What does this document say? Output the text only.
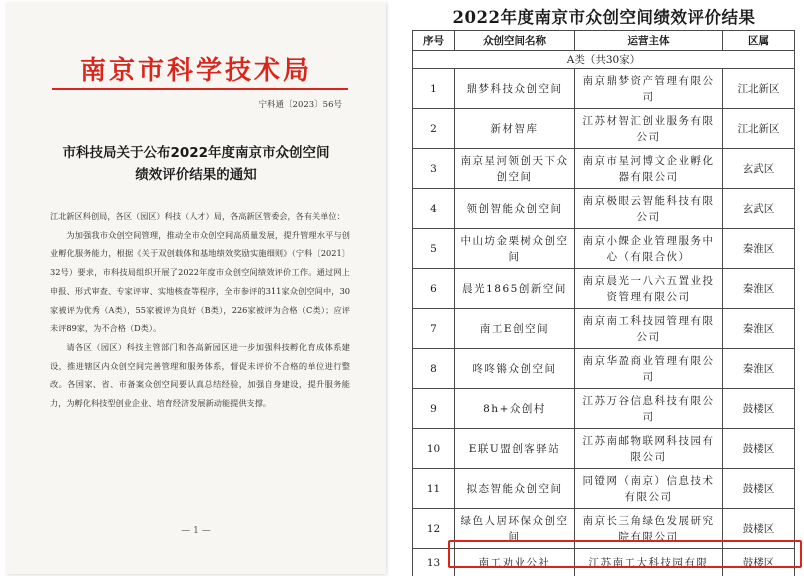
南京市科学技术局
宁科通〔2023〕56号
市科技局关于公布2022年度南京市众创空间
绩效评价结果的通知

江北新区科创局，各区（园区）科技（人才）局，各高新区管委会，各有关单位：

为加强我市众创空间管理，推动全市众创空间高质量发展，提升管理水平与创业孵化服务能力，根据《关于双创载体和基地绩效奖励实施细则》（宁科〔2021〕32号）要求，市科技局组织开展了2022年度市众创空间绩效评价工作。通过网上申报、形式审查、专家评审、实地核查等程序，全市参评的311家众创空间中，30家被评为优秀（A类），55家被评为良好（B类），226家被评为合格（C类）；应评未评89家，为不合格（D类）。

请各区（园区）科技主管部门和各高新园区进一步加强科技孵化育成体系建设，推进辖区内众创空间完善管理和服务体系，督促未评价不合格的单位进行整改。各国家、省、市备案众创空间要认真总结经验，加强自身建设，提升服务能力，为孵化科技型创业企业、培育经济发展新动能提供支撑。

— 1 —
2022年度南京市众创空间绩效评价结果
序号	众创空间名称	运营主体	区属
A类（共30家）			
1	鼎梦科技众创空间	南京鼎梦资产管理有限公司	江北新区
2	新材智库	江苏材智汇创业服务有限公司	江北新区
3	南京星河领创天下众创空间	南京市星河博文企业孵化器有限公司	玄武区
4	领创智能众创空间	南京极眼云智能科技有限公司	玄武区
5	中山坊金栗树众创空间	南京小餜企业管理服务中心（有限合伙）	秦淮区
6	晨光1865创新空间	南京晨光一八六五置业投资管理有限公司	秦淮区
7	南工E创空间	南京南工科技园管理有限公司	秦淮区
8	咚咚锵众创空间	南京华盈商业管理有限公司	秦淮区
9	8h+众创村	江苏万谷信息科技有限公司	鼓楼区
10	E联U盟创客驿站	江苏南邮物联网科技园有限公司	鼓楼区
11	拟态智能众创空间	同镫网（南京）信息技术有限公司	鼓楼区
12	绿色人居环保众创空间	南京长三角绿色发展研究院有限公司	鼓楼区
13	南工劝业公社	江苏南工大科技园有限	鼓楼区
